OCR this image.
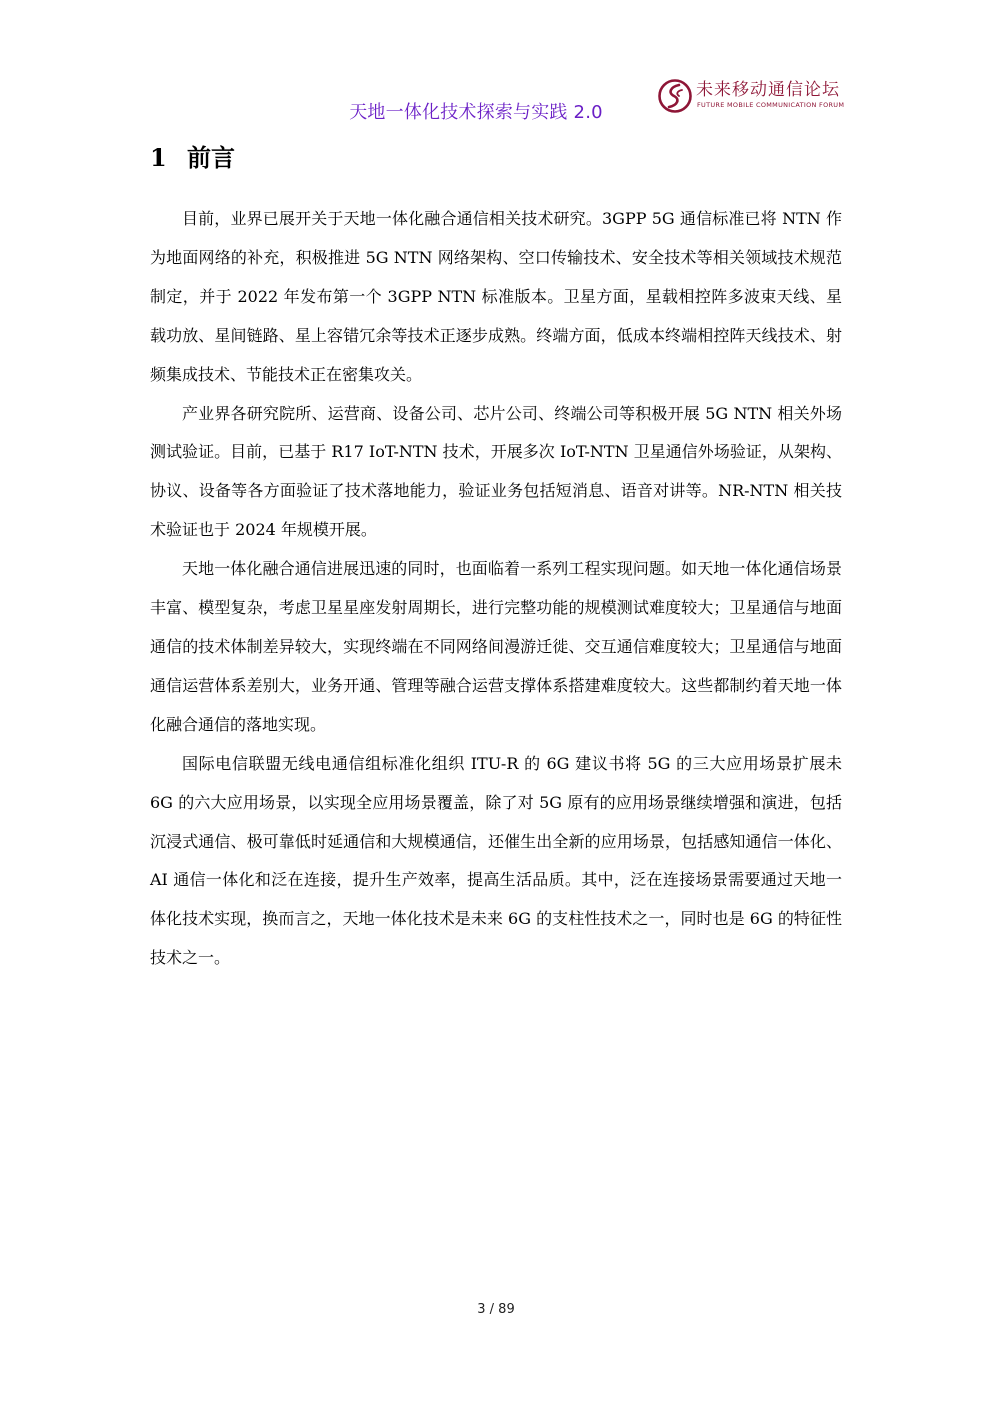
未来移动通信论坛
FUTURE MOBILE COMMUNICATION FORUM
天地一体化技术探索与实践 2.0
1 前言

目前，业界已展开关于天地一体化融合通信相关技术研究。3GPP 5G 通信标准已将 NTN 作为地面网络的补充，积极推进 5G NTN 网络架构、空口传输技术、安全技术等相关领域技术规范制定，并于 2022 年发布第一个 3GPP NTN 标准版本。卫星方面，星载相控阵多波束天线、星载功放、星间链路、星上容错冗余等技术正逐步成熟。终端方面，低成本终端相控阵天线技术、射频集成技术、节能技术正在密集攻关。

产业界各研究院所、运营商、设备公司、芯片公司、终端公司等积极开展 5G NTN 相关外场测试验证。目前，已基于 R17 IoT-NTN 技术，开展多次 IoT-NTN 卫星通信外场验证，从架构、协议、设备等各方面验证了技术落地能力，验证业务包括短消息、语音对讲等。NR-NTN 相关技术验证也于 2024 年规模开展。

天地一体化融合通信进展迅速的同时，也面临着一系列工程实现问题。如天地一体化通信场景丰富、模型复杂，考虑卫星星座发射周期长，进行完整功能的规模测试难度较大；卫星通信与地面通信的技术体制差异较大，实现终端在不同网络间漫游迁徙、交互通信难度较大；卫星通信与地面通信运营体系差别大，业务开通、管理等融合运营支撑体系搭建难度较大。这些都制约着天地一体化融合通信的落地实现。

国际电信联盟无线电通信组标准化组织 ITU-R 的 6G 建议书将 5G 的三大应用场景扩展未 6G 的六大应用场景，以实现全应用场景覆盖，除了对 5G 原有的应用场景继续增强和演进，包括沉浸式通信、极可靠低时延通信和大规模通信，还催生出全新的应用场景，包括感知通信一体化、AI 通信一体化和泛在连接，提升生产效率，提高生活品质。其中，泛在连接场景需要通过天地一体化技术实现，换而言之，天地一体化技术是未来 6G 的支柱性技术之一，同时也是 6G 的特征性技术之一。

3 / 89
